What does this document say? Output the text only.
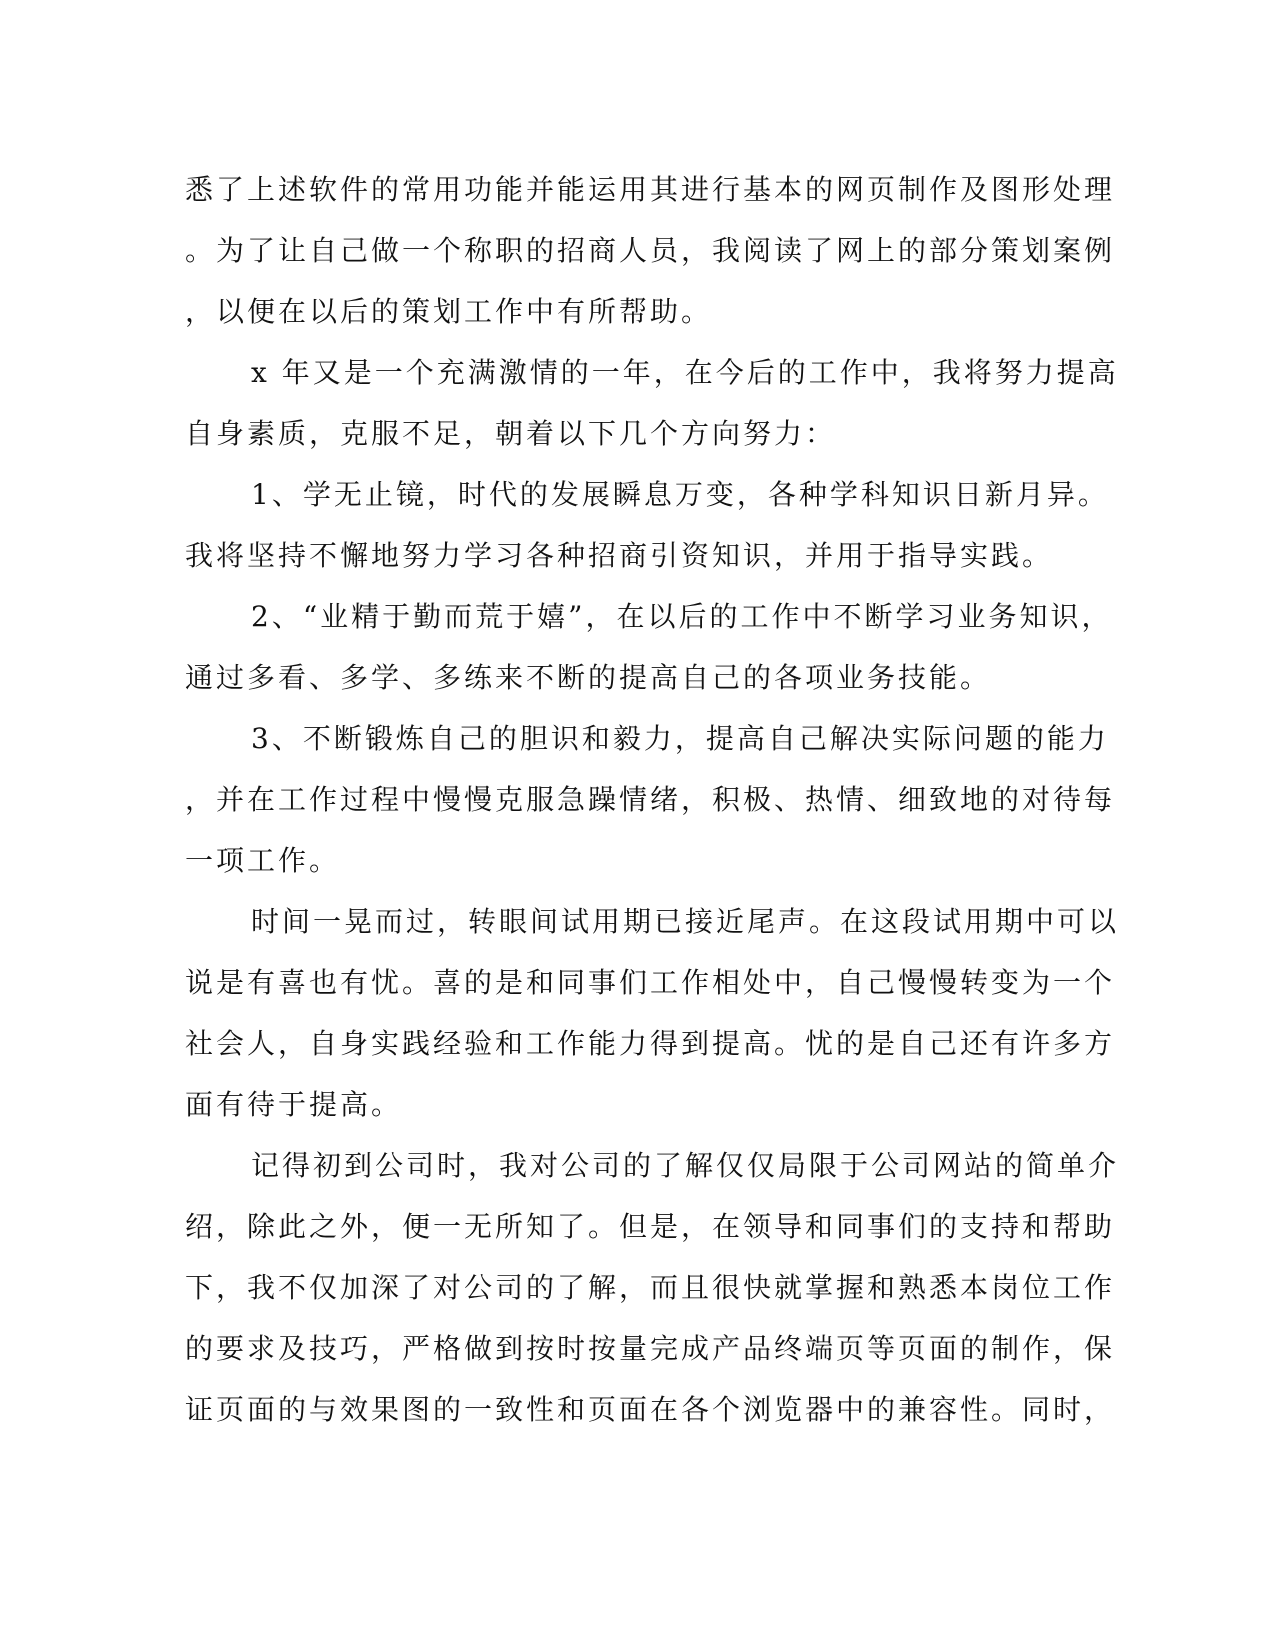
悉了上述软件的常用功能并能运用其进行基本的网页制作及图形处理
。为了让自己做一个称职的招商人员，我阅读了网上的部分策划案例
，以便在以后的策划工作中有所帮助。
x 年又是一个充满激情的一年，在今后的工作中，我将努力提高
自身素质，克服不足，朝着以下几个方向努力：
1、学无止镜，时代的发展瞬息万变，各种学科知识日新月异。
我将坚持不懈地努力学习各种招商引资知识，并用于指导实践。
2、“业精于勤而荒于嬉”，在以后的工作中不断学习业务知识，
通过多看、多学、多练来不断的提高自己的各项业务技能。
3、不断锻炼自己的胆识和毅力，提高自己解决实际问题的能力
，并在工作过程中慢慢克服急躁情绪，积极、热情、细致地的对待每
一项工作。
时间一晃而过，转眼间试用期已接近尾声。在这段试用期中可以
说是有喜也有忧。喜的是和同事们工作相处中，自己慢慢转变为一个
社会人，自身实践经验和工作能力得到提高。忧的是自己还有许多方
面有待于提高。
记得初到公司时，我对公司的了解仅仅局限于公司网站的简单介
绍，除此之外，便一无所知了。但是，在领导和同事们的支持和帮助
下，我不仅加深了对公司的了解，而且很快就掌握和熟悉本岗位工作
的要求及技巧，严格做到按时按量完成产品终端页等页面的制作，保
证页面的与效果图的一致性和页面在各个浏览器中的兼容性。同时，
